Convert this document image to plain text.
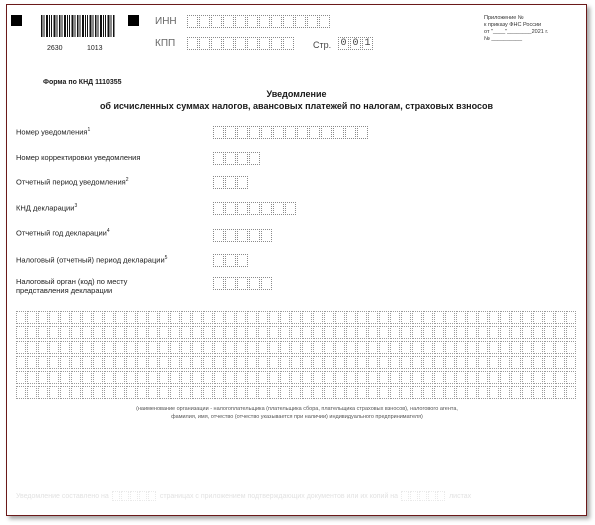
2630	1013
ИНН
КПП	Стр. 0 0 1
Приложение №
к приказу ФНС России
от "____"________2021 г.
№ __________
Форма по КНД 1110355
Уведомление
об исчисленных суммах налогов, авансовых платежей по налогам, страховых взносов
Номер уведомления$^1$
Номер корректировки уведомления
Отчетный период уведомления$^2$
КНД декларации$^3$
Отчетный год декларации$^4$
Налоговый (отчетный) период декларации$^5$
Налоговый орган (код) по месту
представления декларации
(наименование организации - налогоплательщика (плательщика сбора, плательщика страховых взносов), налогового агента,
фамилия, имя, отчество (отчество указывается при наличии) индивидуального предпринимателя)
Уведомление составлено на	страницах с приложением подтверждающих документов или их копий на	листах
